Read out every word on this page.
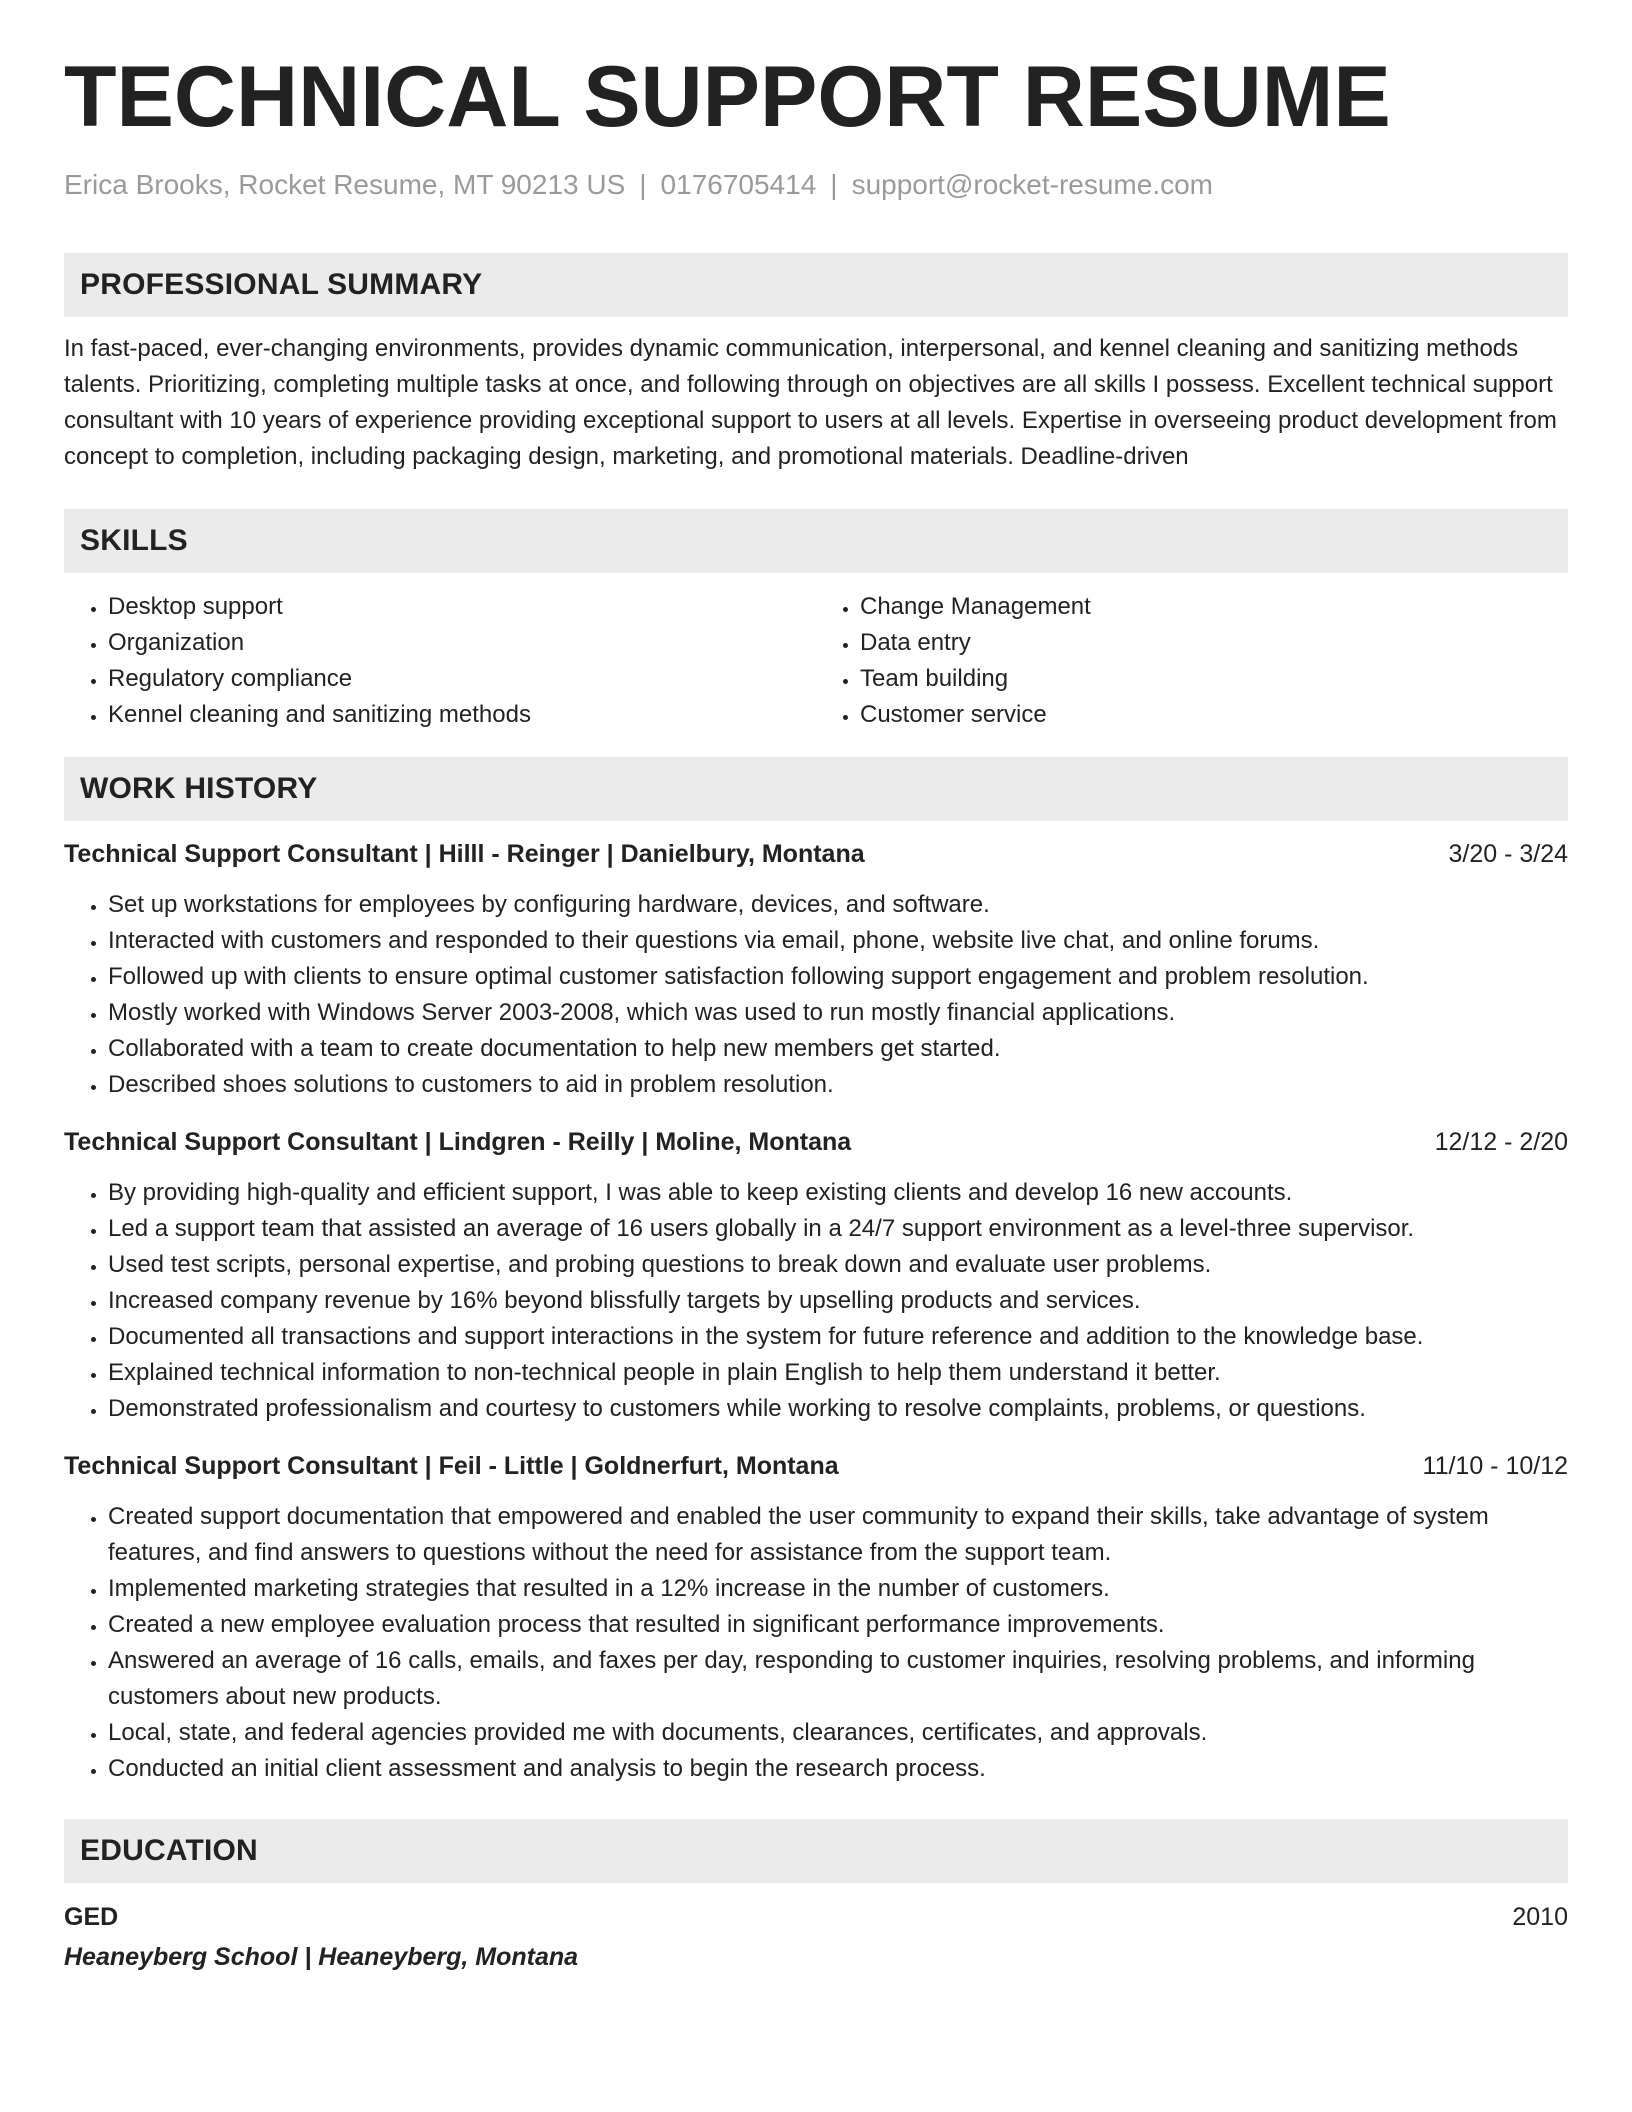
TECHNICAL SUPPORT RESUME
Erica Brooks, Rocket Resume, MT 90213 US | 0176705414 | support@rocket-resume.com
PROFESSIONAL SUMMARY
In fast-paced, ever-changing environments, provides dynamic communication, interpersonal, and kennel cleaning and sanitizing methods talents. Prioritizing, completing multiple tasks at once, and following through on objectives are all skills I possess. Excellent technical support consultant with 10 years of experience providing exceptional support to users at all levels. Expertise in overseeing product development from concept to completion, including packaging design, marketing, and promotional materials. Deadline-driven
SKILLS
• Desktop support
• Organization
• Regulatory compliance
• Kennel cleaning and sanitizing methods
• Change Management
• Data entry
• Team building
• Customer service
WORK HISTORY
Technical Support Consultant | Hilll - Reinger | Danielbury, Montana	3/20 - 3/24
• Set up workstations for employees by configuring hardware, devices, and software.
• Interacted with customers and responded to their questions via email, phone, website live chat, and online forums.
• Followed up with clients to ensure optimal customer satisfaction following support engagement and problem resolution.
• Mostly worked with Windows Server 2003-2008, which was used to run mostly financial applications.
• Collaborated with a team to create documentation to help new members get started.
• Described shoes solutions to customers to aid in problem resolution.
Technical Support Consultant | Lindgren - Reilly | Moline, Montana	12/12 - 2/20
• By providing high-quality and efficient support, I was able to keep existing clients and develop 16 new accounts.
• Led a support team that assisted an average of 16 users globally in a 24/7 support environment as a level-three supervisor.
• Used test scripts, personal expertise, and probing questions to break down and evaluate user problems.
• Increased company revenue by 16% beyond blissfully targets by upselling products and services.
• Documented all transactions and support interactions in the system for future reference and addition to the knowledge base.
• Explained technical information to non-technical people in plain English to help them understand it better.
• Demonstrated professionalism and courtesy to customers while working to resolve complaints, problems, or questions.
Technical Support Consultant | Feil - Little | Goldnerfurt, Montana	11/10 - 10/12
• Created support documentation that empowered and enabled the user community to expand their skills, take advantage of system features, and find answers to questions without the need for assistance from the support team.
• Implemented marketing strategies that resulted in a 12% increase in the number of customers.
• Created a new employee evaluation process that resulted in significant performance improvements.
• Answered an average of 16 calls, emails, and faxes per day, responding to customer inquiries, resolving problems, and informing customers about new products.
• Local, state, and federal agencies provided me with documents, clearances, certificates, and approvals.
• Conducted an initial client assessment and analysis to begin the research process.
EDUCATION
GED	2010
Heaneyberg School | Heaneyberg, Montana
